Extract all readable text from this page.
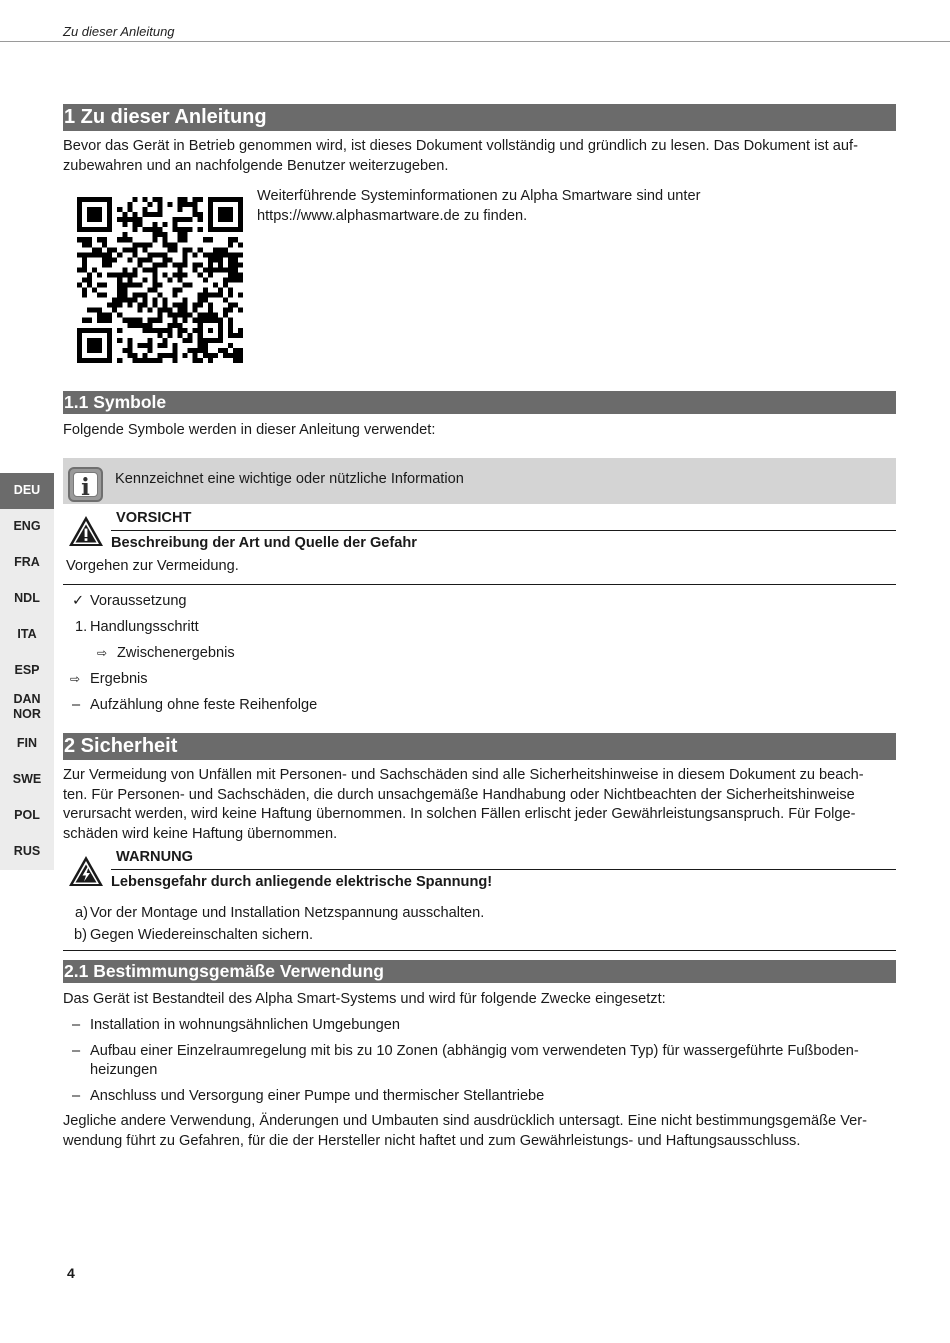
Zu dieser Anleitung
1 Zu dieser Anleitung
Bevor das Gerät in Betrieb genommen wird, ist dieses Dokument vollständig und gründlich zu lesen. Das Dokument ist auf-
zubewahren und an nachfolgende Benutzer weiterzugeben.
Weiterführende Systeminformationen zu Alpha Smartware sind unter
https://www.alphasmartware.de zu finden.
1.1 Symbole
Folgende Symbole werden in dieser Anleitung verwendet:
i	Kennzeichnet eine wichtige oder nützliche Information
VORSICHT
Beschreibung der Art und Quelle der Gefahr
Vorgehen zur Vermeidung.
✓ Voraussetzung
1. Handlungsschritt
⇨ Zwischenergebnis
⇨ Ergebnis
– Aufzählung ohne feste Reihenfolge
2 Sicherheit
Zur Vermeidung von Unfällen mit Personen- und Sachschäden sind alle Sicherheitshinweise in diesem Dokument zu beach-
ten. Für Personen- und Sachschäden, die durch unsachgemäße Handhabung oder Nichtbeachten der Sicherheitshinweise
verursacht werden, wird keine Haftung übernommen. In solchen Fällen erlischt jeder Gewährleistungsanspruch. Für Folge-
schäden wird keine Haftung übernommen.
WARNUNG
Lebensgefahr durch anliegende elektrische Spannung!
a) Vor der Montage und Installation Netzspannung ausschalten.
b) Gegen Wiedereinschalten sichern.
2.1 Bestimmungsgemäße Verwendung
Das Gerät ist Bestandteil des Alpha Smart-Systems und wird für folgende Zwecke eingesetzt:
– Installation in wohnungsähnlichen Umgebungen
– Aufbau einer Einzelraumregelung mit bis zu 10 Zonen (abhängig vom verwendeten Typ) für wassergeführte Fußboden-
heizungen
– Anschluss und Versorgung einer Pumpe und thermischer Stellantriebe
Jegliche andere Verwendung, Änderungen und Umbauten sind ausdrücklich untersagt. Eine nicht bestimmungsgemäße Ver-
wendung führt zu Gefahren, für die der Hersteller nicht haftet und zum Gewährleistungs- und Haftungsausschluss.
DEU
ENG
FRA
NDL
ITA
ESP
DAN NOR
FIN
SWE
POL
RUS
4
